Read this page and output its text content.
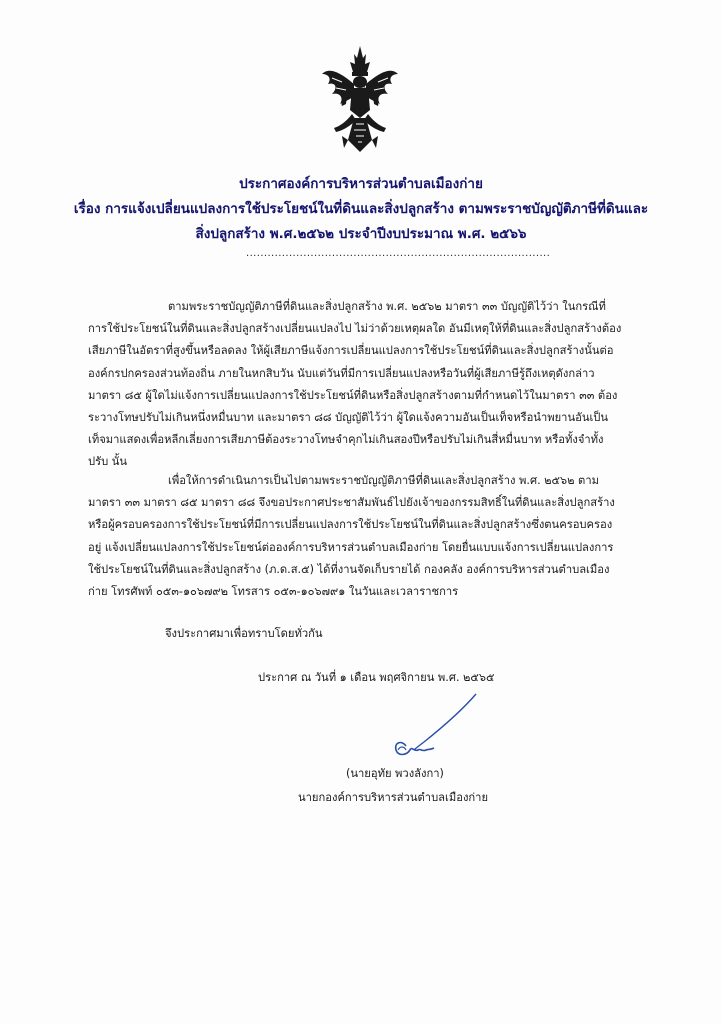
ประกาศองค์การบริหารส่วนตำบลเมืองก่าย
เรื่อง การแจ้งเปลี่ยนแปลงการใช้ประโยชน์ในที่ดินและสิ่งปลูกสร้าง ตามพระราชบัญญัติภาษีที่ดินและ
สิ่งปลูกสร้าง พ.ศ.๒๕๖๒ ประจำปีงบประมาณ พ.ศ. ๒๕๖๖
.....................................................................................
ตามพระราชบัญญัติภาษีที่ดินและสิ่งปลูกสร้าง พ.ศ. ๒๕๖๒ มาตรา ๓๓ บัญญัติไว้ว่า ในกรณีที่
การใช้ประโยชน์ในที่ดินและสิ่งปลูกสร้างเปลี่ยนแปลงไป ไม่ว่าด้วยเหตุผลใด อันมีเหตุให้ที่ดินและสิ่งปลูกสร้างต้อง
เสียภาษีในอัตราที่สูงขึ้นหรือลดลง ให้ผู้เสียภาษีแจ้งการเปลี่ยนแปลงการใช้ประโยชน์ที่ดินและสิ่งปลูกสร้างนั้นต่อ
องค์กรปกครองส่วนท้องถิ่น ภายในหกสิบวัน นับแต่วันที่มีการเปลี่ยนแปลงหรือวันที่ผู้เสียภาษีรู้ถึงเหตุดังกล่าว
มาตรา ๘๕ ผู้ใดไม่แจ้งการเปลี่ยนแปลงการใช้ประโยชน์ที่ดินหรือสิ่งปลูกสร้างตามที่กำหนดไว้ในมาตรา ๓๓ ต้อง
ระวางโทษปรับไม่เกินหนึ่งหมื่นบาท และมาตรา ๘๘ บัญญัติไว้ว่า ผู้ใดแจ้งความอันเป็นเท็จหรือนำพยานอันเป็น
เท็จมาแสดงเพื่อหลีกเลี่ยงการเสียภาษีต้องระวางโทษจำคุกไม่เกินสองปีหรือปรับไม่เกินสี่หมื่นบาท หรือทั้งจำทั้ง
ปรับ นั้น
เพื่อให้การดำเนินการเป็นไปตามพระราชบัญญัติภาษีที่ดินและสิ่งปลูกสร้าง พ.ศ. ๒๕๖๒ ตาม
มาตรา ๓๓ มาตรา ๘๕ มาตรา ๘๘ จึงขอประกาศประชาสัมพันธ์ไปยังเจ้าของกรรมสิทธิ์ในที่ดินและสิ่งปลูกสร้าง
หรือผู้ครอบครองการใช้ประโยชน์ที่มีการเปลี่ยนแปลงการใช้ประโยชน์ในที่ดินและสิ่งปลูกสร้างซึ่งตนครอบครอง
อยู่ แจ้งเปลี่ยนแปลงการใช้ประโยชน์ต่อองค์การบริหารส่วนตำบลเมืองก่าย โดยยื่นแบบแจ้งการเปลี่ยนแปลงการ
ใช้ประโยชน์ในที่ดินและสิ่งปลูกสร้าง (ภ.ด.ส.๕) ได้ที่งานจัดเก็บรายได้ กองคลัง องค์การบริหารส่วนตำบลเมือง
ก่าย โทรศัพท์ ๐๕๓-๑๐๖๗๙๒ โทรสาร ๐๕๓-๑๐๖๗๙๑ ในวันและเวลาราชการ
จึงประกาศมาเพื่อทราบโดยทั่วกัน
ประกาศ ณ วันที่ ๑ เดือน พฤศจิกายน พ.ศ. ๒๕๖๕
(นายอุทัย พวงลังกา)
นายกองค์การบริหารส่วนตำบลเมืองก่าย
